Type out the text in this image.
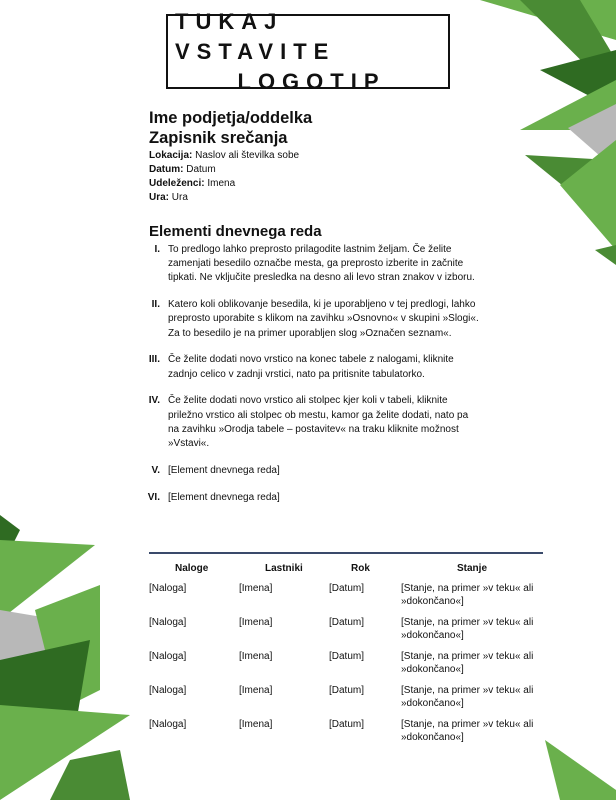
TUKAJ VSTAVITE
LOGOTIP
Ime podjetja/oddelka
Zapisnik srečanja
Lokacija: Naslov ali številka sobe
Datum: Datum
Udeleženci: Imena
Ura: Ura
Elementi dnevnega reda
I. To predlogo lahko preprosto prilagodite lastnim željam. Če želite zamenjati besedilo označbe mesta, ga preprosto izberite in začnite tipkati. Ne vključite presledka na desno ali levo stran znakov v izboru.
II. Katero koli oblikovanje besedila, ki je uporabljeno v tej predlogi, lahko preprosto uporabite s klikom na zavihku »Osnovno« v skupini »Slogi«. Za to besedilo je na primer uporabljen slog »Označen seznam«.
III. Če želite dodati novo vrstico na konec tabele z nalogami, kliknite zadnjo celico v zadnji vrstici, nato pa pritisnite tabulatorko.
IV. Če želite dodati novo vrstico ali stolpec kjer koli v tabeli, kliknite priležno vrstico ali stolpec ob mestu, kamor ga želite dodati, nato pa na zavihku »Orodja tabele – postavitev« na traku kliknite možnost »Vstavi«.
V. [Element dnevnega reda]
VI. [Element dnevnega reda]
Naloge	Lastniki	Rok	Stanje
[Naloga]	[Imena]	[Datum]	[Stanje, na primer »v teku« ali »dokončano«]
[Naloga]	[Imena]	[Datum]	[Stanje, na primer »v teku« ali »dokončano«]
[Naloga]	[Imena]	[Datum]	[Stanje, na primer »v teku« ali »dokončano«]
[Naloga]	[Imena]	[Datum]	[Stanje, na primer »v teku« ali »dokončano«]
[Naloga]	[Imena]	[Datum]	[Stanje, na primer »v teku« ali »dokončano«]
